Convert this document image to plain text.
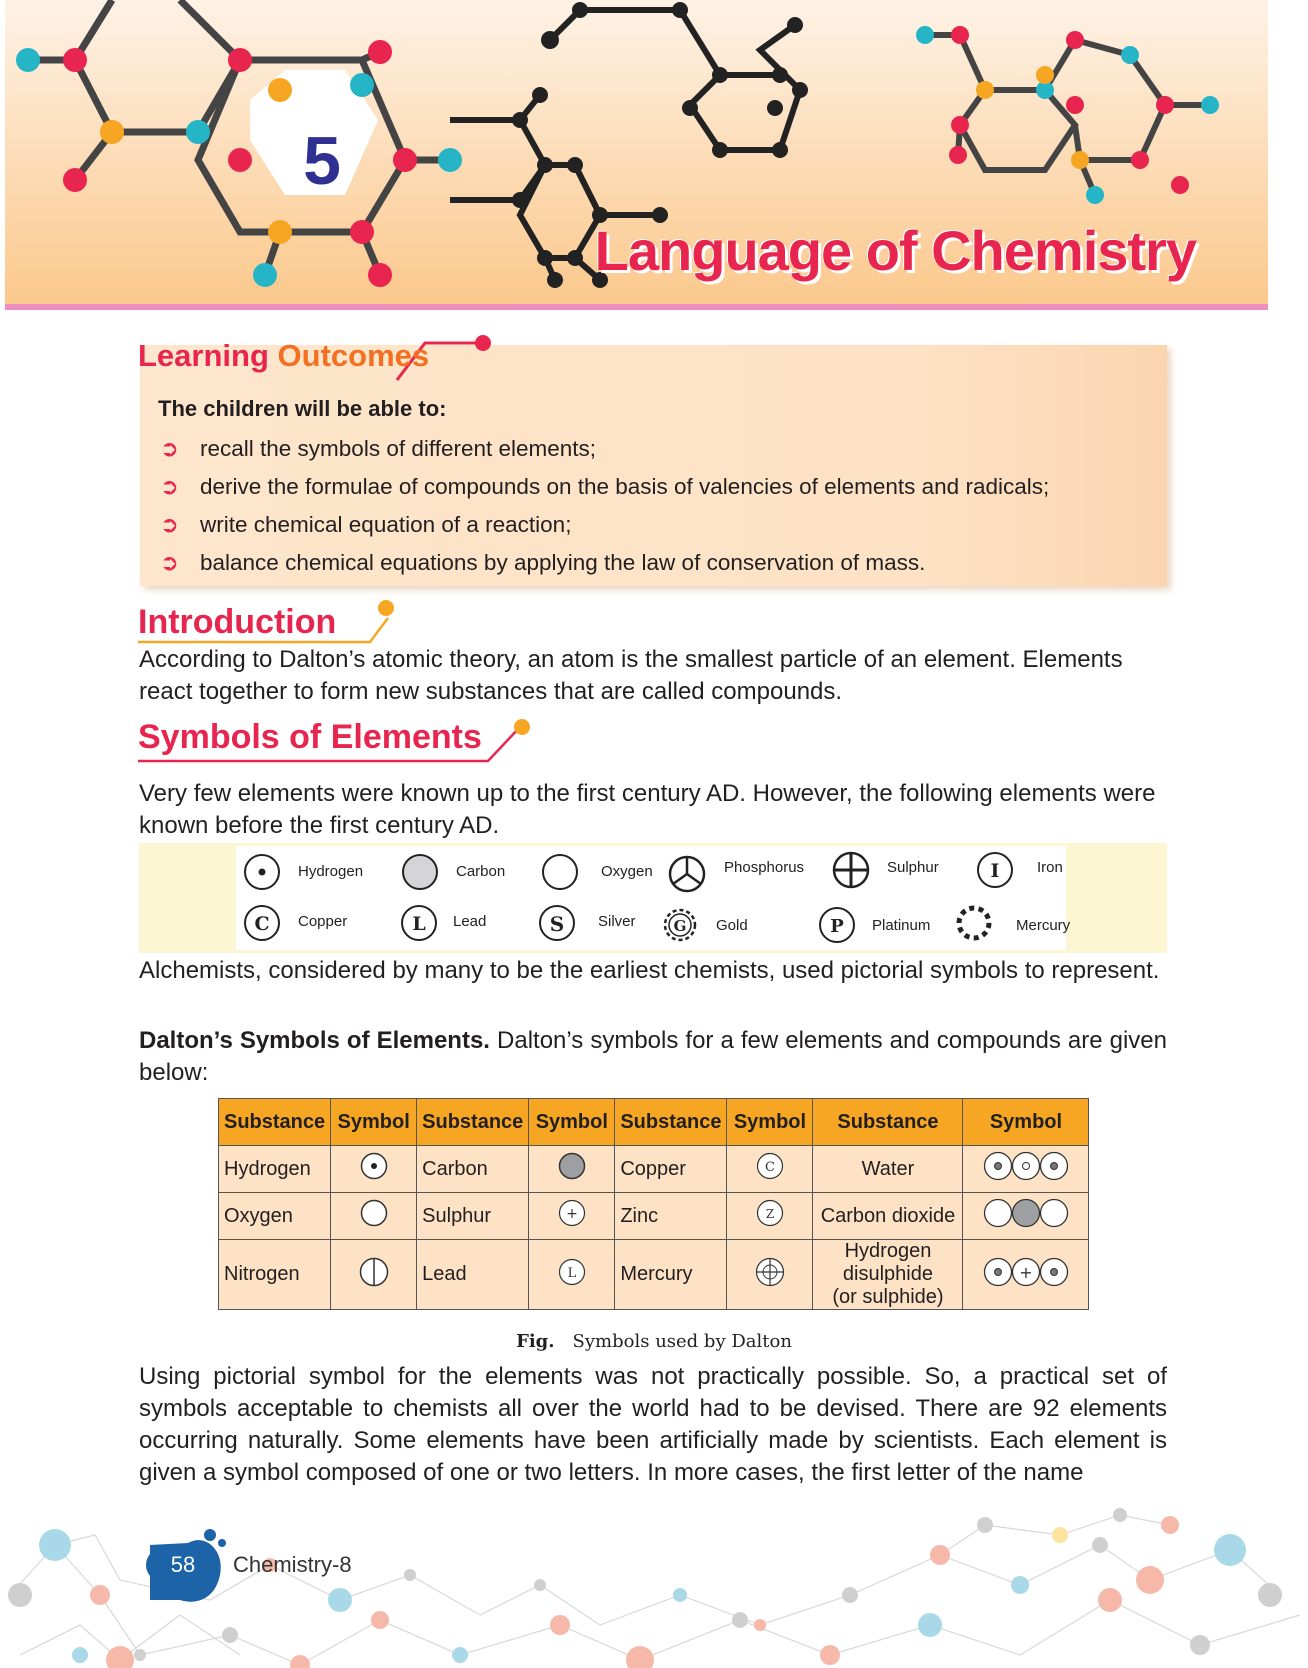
5
Language of Chemistry
Learning Outcomes
The children will be able to:
➲ recall the symbols of different elements;
➲ derive the formulae of compounds on the basis of valencies of elements and radicals;
➲ write chemical equation of a reaction;
➲ balance chemical equations by applying the law of conservation of mass.
Introduction
According to Dalton’s atomic theory, an atom is the smallest particle of an element. Elements react together to form new substances that are called compounds.
Symbols of Elements
Very few elements were known up to the first century AD. However, the following elements were known before the first century AD.
Hydrogen	Carbon	Oxygen	Phosphorus	Sulphur	I	Iron
C Copper	L Lead	S Silver	G Gold	P Platinum	Mercury
Alchemists, considered by many to be the earliest chemists, used pictorial symbols to represent.
Dalton’s Symbols of Elements. Dalton’s symbols for a few elements and compounds are given below:
Substance	Symbol	Substance	Symbol	Substance	Symbol	Substance	Symbol
Hydrogen		Carbon		Copper	C	Water	
Oxygen		Sulphur	+	Zinc	Z	Carbon dioxide	
Nitrogen		Lead	L	Mercury		Hydrogen
disulphide
(or sulphide)	+
Fig. Symbols used by Dalton
Using pictorial symbol for the elements was not practically possible. So, a practical set of symbols acceptable to chemists all over the world had to be devised. There are 92 elements occurring naturally. Some elements have been artificially made by scientists. Each element is given a symbol composed of one or two letters. In more cases, the first letter of the name
58	Chemistry-8
